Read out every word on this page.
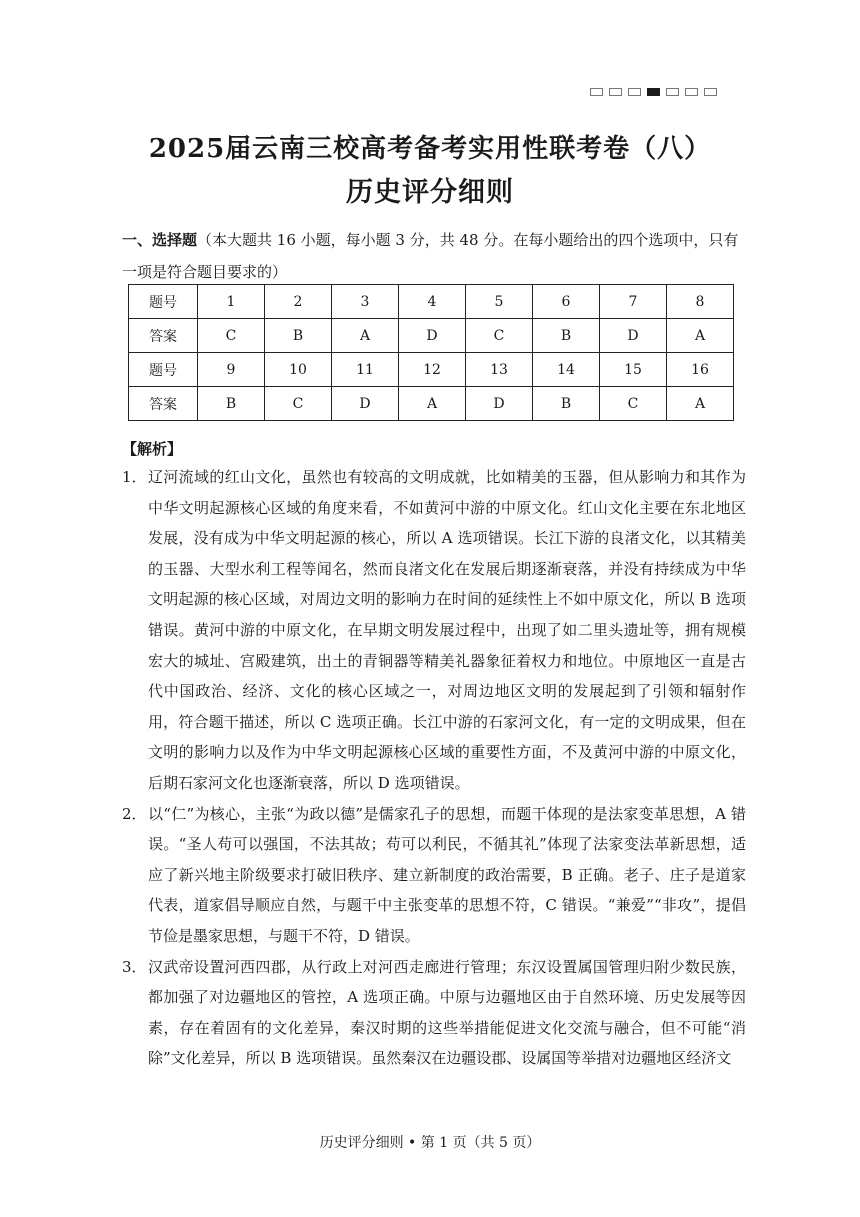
2025届云南三校高考备考实用性联考卷（八）
历史评分细则
一、选择题（本大题共 16 小题，每小题 3 分，共 48 分。在每小题给出的四个选项中，只有一项是符合题目要求的）
题号	1	2	3	4	5	6	7	8
答案	C	B	A	D	C	B	D	A
题号	9	10	11	12	13	14	15	16
答案	B	C	D	A	D	B	C	A
【解析】
1． 辽河流域的红山文化，虽然也有较高的文明成就，比如精美的玉器，但从影响力和其作为中华文明起源核心区域的角度来看，不如黄河中游的中原文化。红山文化主要在东北地区发展，没有成为中华文明起源的核心，所以 A 选项错误。长江下游的良渚文化，以其精美的玉器、大型水利工程等闻名，然而良渚文化在发展后期逐渐衰落，并没有持续成为中华文明起源的核心区域，对周边文明的影响力在时间的延续性上不如中原文化，所以 B 选项错误。黄河中游的中原文化，在早期文明发展过程中，出现了如二里头遗址等，拥有规模宏大的城址、宫殿建筑，出土的青铜器等精美礼器象征着权力和地位。中原地区一直是古代中国政治、经济、文化的核心区域之一，对周边地区文明的发展起到了引领和辐射作用，符合题干描述，所以 C 选项正确。长江中游的石家河文化，有一定的文明成果，但在文明的影响力以及作为中华文明起源核心区域的重要性方面，不及黄河中游的中原文化，后期石家河文化也逐渐衰落，所以 D 选项错误。
2． 以“仁”为核心，主张“为政以德”是儒家孔子的思想，而题干体现的是法家变革思想，A 错误。“圣人苟可以强国，不法其故；苟可以利民，不循其礼”体现了法家变法革新思想，适应了新兴地主阶级要求打破旧秩序、建立新制度的政治需要，B 正确。老子、庄子是道家代表，道家倡导顺应自然，与题干中主张变革的思想不符，C 错误。“兼爱”“非攻”，提倡节俭是墨家思想，与题干不符，D 错误。
3． 汉武帝设置河西四郡，从行政上对河西走廊进行管理；东汉设置属国管理归附少数民族，都加强了对边疆地区的管控，A 选项正确。中原与边疆地区由于自然环境、历史发展等因素，存在着固有的文化差异，秦汉时期的这些举措能促进文化交流与融合，但不可能“消除”文化差异，所以 B 选项错误。虽然秦汉在边疆设郡、设属国等举措对边疆地区经济文
历史评分细则 • 第 1 页（共 5 页）
